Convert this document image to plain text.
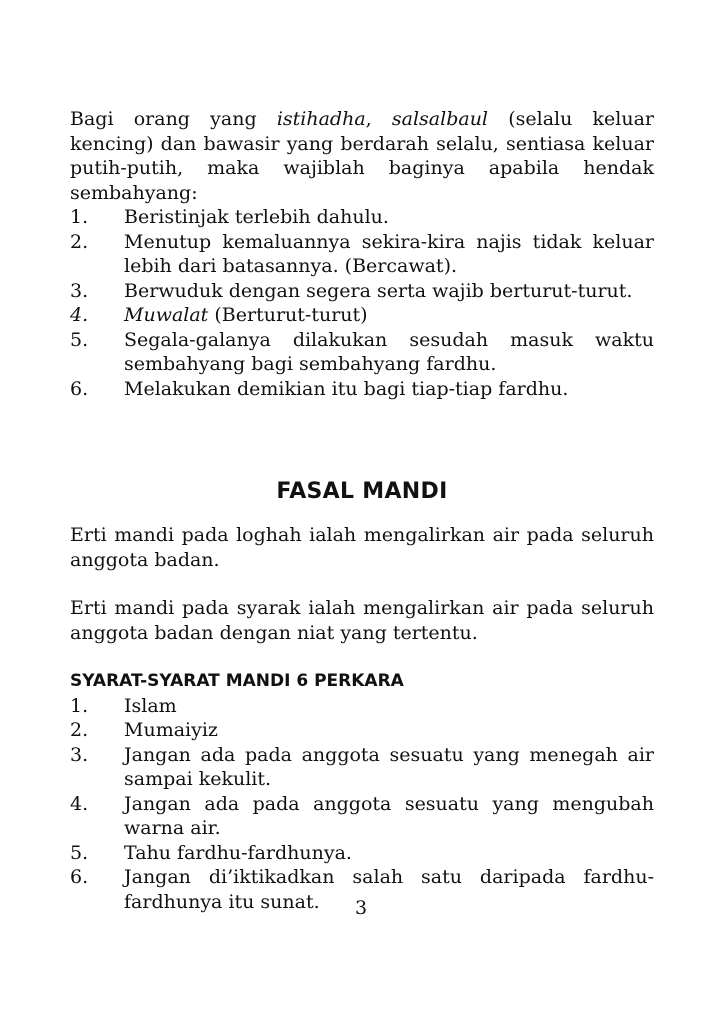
Bagi orang yang istihadha, salsalbaul (selalu keluar kencing) dan bawasir yang berdarah selalu, sentiasa keluar putih-putih, maka wajiblah baginya apabila hendak sembahyang:

1.	Beristinjak terlebih dahulu.
2.	Menutup kemaluannya sekira-kira najis tidak keluar lebih dari batasannya. (Bercawat).
3.	Berwuduk dengan segera serta wajib berturut-turut.
4.	Muwalat (Berturut-turut)
5.	Segala-galanya dilakukan sesudah masuk waktu sembahyang bagi sembahyang fardhu.
6.	Melakukan demikian itu bagi tiap-tiap fardhu.
FASAL MANDI

Erti mandi pada loghah ialah mengalirkan air pada seluruh anggota badan.

Erti mandi pada syarak ialah mengalirkan air pada seluruh anggota badan dengan niat yang tertentu.

SYARAT-SYARAT MANDI 6 PERKARA
1.	Islam
2.	Mumaiyiz
3.	Jangan ada pada anggota sesuatu yang menegah air sampai kekulit.
4.	Jangan ada pada anggota sesuatu yang mengubah warna air.
5.	Tahu fardhu-fardhunya.
6.	Jangan di’iktikadkan salah satu daripada fardhu-fardhunya itu sunat.	3
